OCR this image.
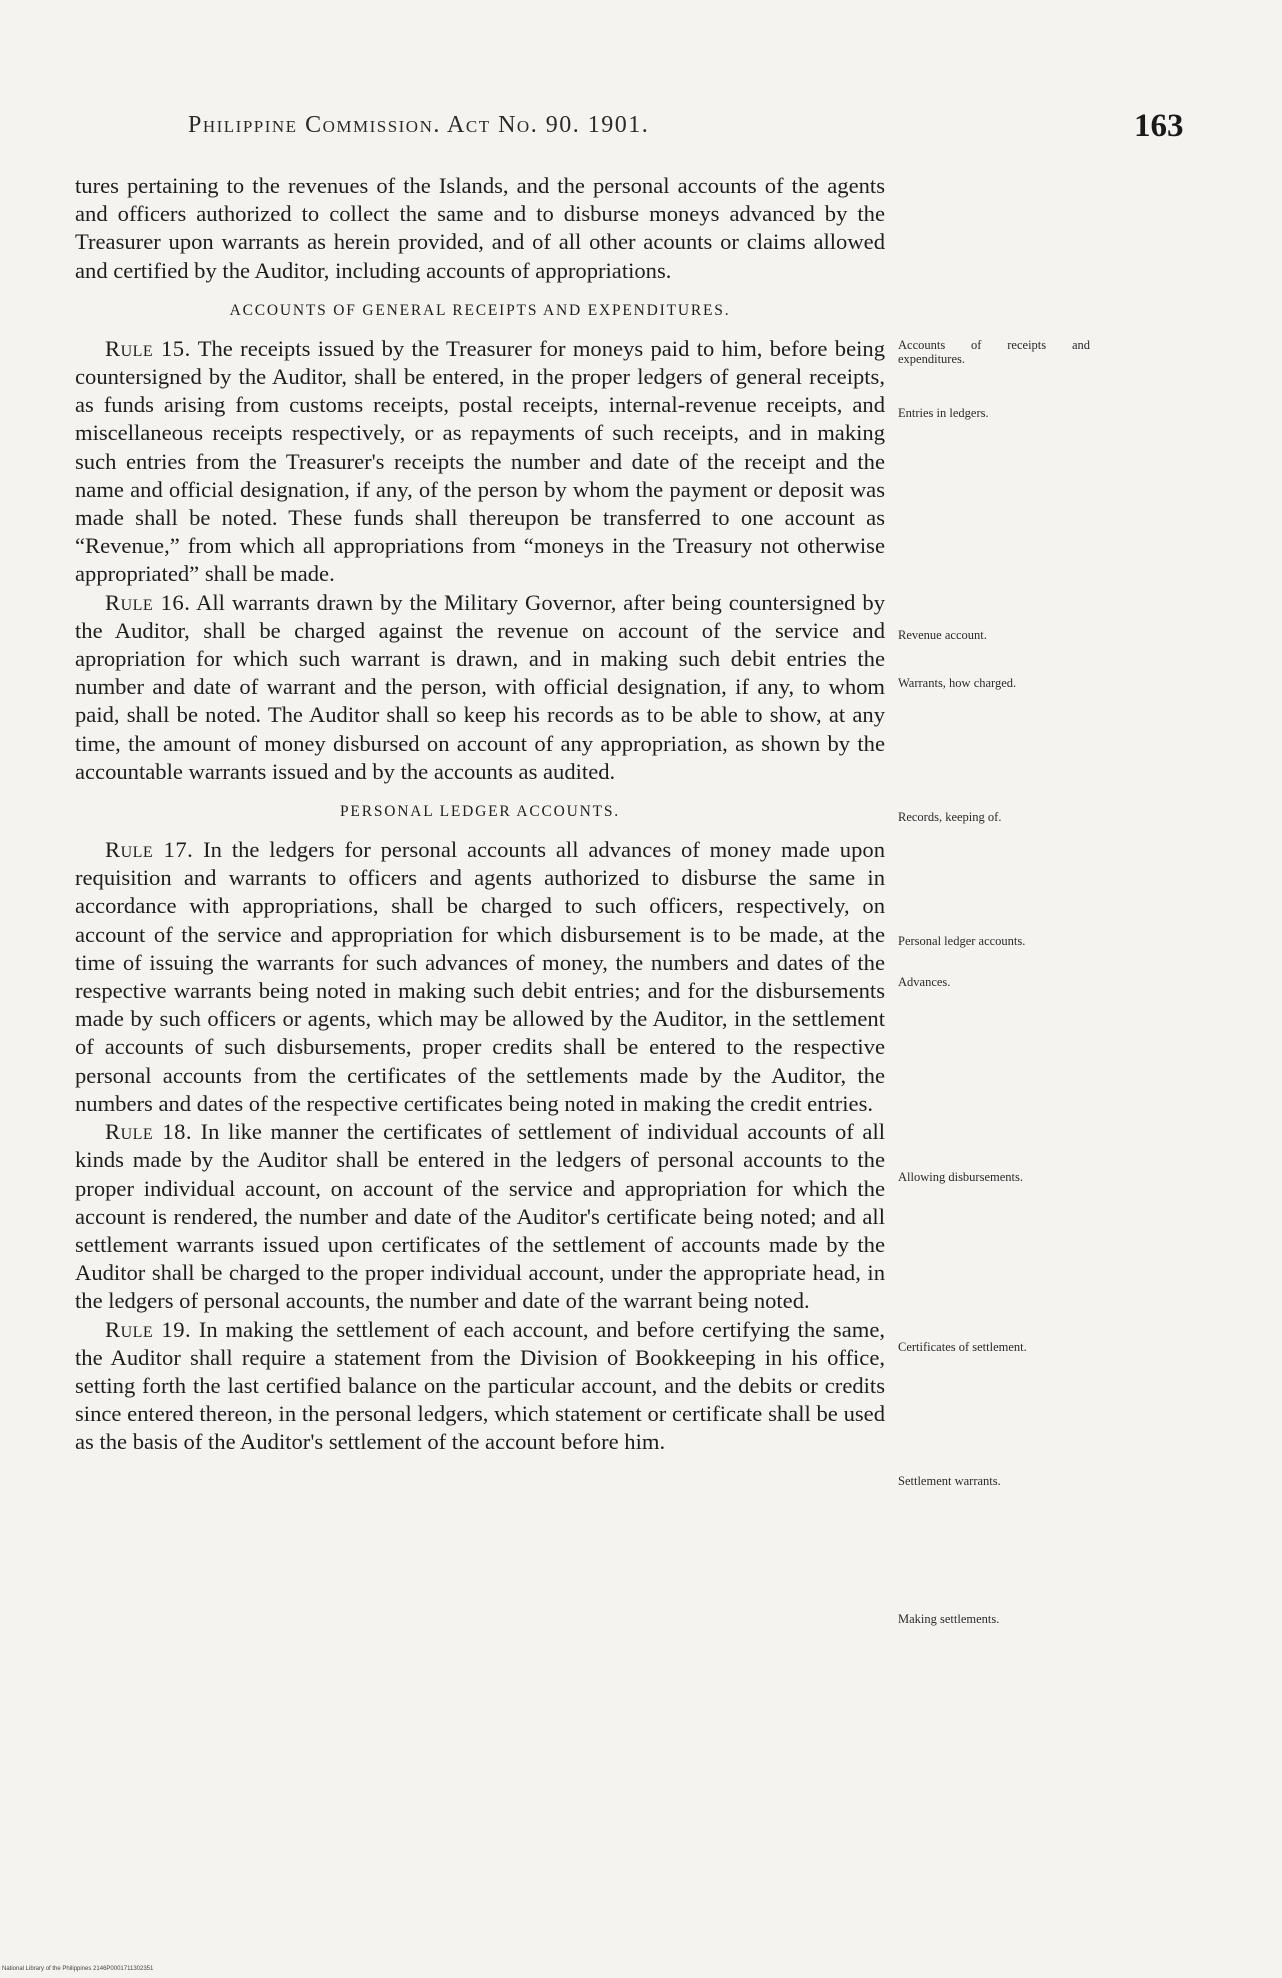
Philippine Commission. Act No. 90. 1901.	163

tures pertaining to the revenues of the Islands, and the personal accounts of the agents and officers authorized to collect the same and to disburse moneys advanced by the Treasurer upon warrants as herein provided, and of all other acounts or claims allowed and certified by the Auditor, including accounts of appropriations.

ACCOUNTS OF GENERAL RECEIPTS AND EXPENDITURES.

Rule 15. The receipts issued by the Treasurer for moneys paid to him, before being countersigned by the Auditor, shall be entered, in the proper ledgers of general receipts, as funds arising from customs receipts, postal receipts, internal-revenue receipts, and miscellaneous receipts respectively, or as repayments of such receipts, and in making such entries from the Treasurer's receipts the number and date of the receipt and the name and official designation, if any, of the person by whom the payment or deposit was made shall be noted. These funds shall thereupon be transferred to one account as “Revenue,” from which all appropriations from “moneys in the Treasury not otherwise appropriated” shall be made.

Rule 16. All warrants drawn by the Military Governor, after being countersigned by the Auditor, shall be charged against the revenue on account of the service and apropriation for which such warrant is drawn, and in making such debit entries the number and date of warrant and the person, with official designation, if any, to whom paid, shall be noted. The Auditor shall so keep his records as to be able to show, at any time, the amount of money disbursed on account of any appropriation, as shown by the accountable warrants issued and by the accounts as audited.

PERSONAL LEDGER ACCOUNTS.

Rule 17. In the ledgers for personal accounts all advances of money made upon requisition and warrants to officers and agents authorized to disburse the same in accordance with appropriations, shall be charged to such officers, respectively, on account of the service and appropriation for which disbursement is to be made, at the time of issuing the warrants for such advances of money, the numbers and dates of the respective warrants being noted in making such debit entries; and for the disbursements made by such officers or agents, which may be allowed by the Auditor, in the settlement of accounts of such disbursements, proper credits shall be entered to the respective personal accounts from the certificates of the settlements made by the Auditor, the numbers and dates of the respective certificates being noted in making the credit entries.

Rule 18. In like manner the certificates of settlement of individual accounts of all kinds made by the Auditor shall be entered in the ledgers of personal accounts to the proper individual account, on account of the service and appropriation for which the account is rendered, the number and date of the Auditor's certificate being noted; and all settlement warrants issued upon certificates of the settlement of accounts made by the Auditor shall be charged to the proper individual account, under the appropriate head, in the ledgers of personal accounts, the number and date of the warrant being noted.

Rule 19. In making the settlement of each account, and before certifying the same, the Auditor shall require a statement from the Division of Bookkeeping in his office, setting forth the last certified balance on the particular account, and the debits or credits since entered thereon, in the personal ledgers, which statement or certificate shall be used as the basis of the Auditor's settlement of the account before him.

Accounts of receipts and expenditures.
Entries in ledgers.
Revenue account.
Warrants, how charged.
Records, keeping of.
Personal ledger accounts.
Advances.
Allowing disbursements.
Certificates of settlement.
Settlement warrants.
Making settlements.
National Library of the Philippines 2146P0001711302351
